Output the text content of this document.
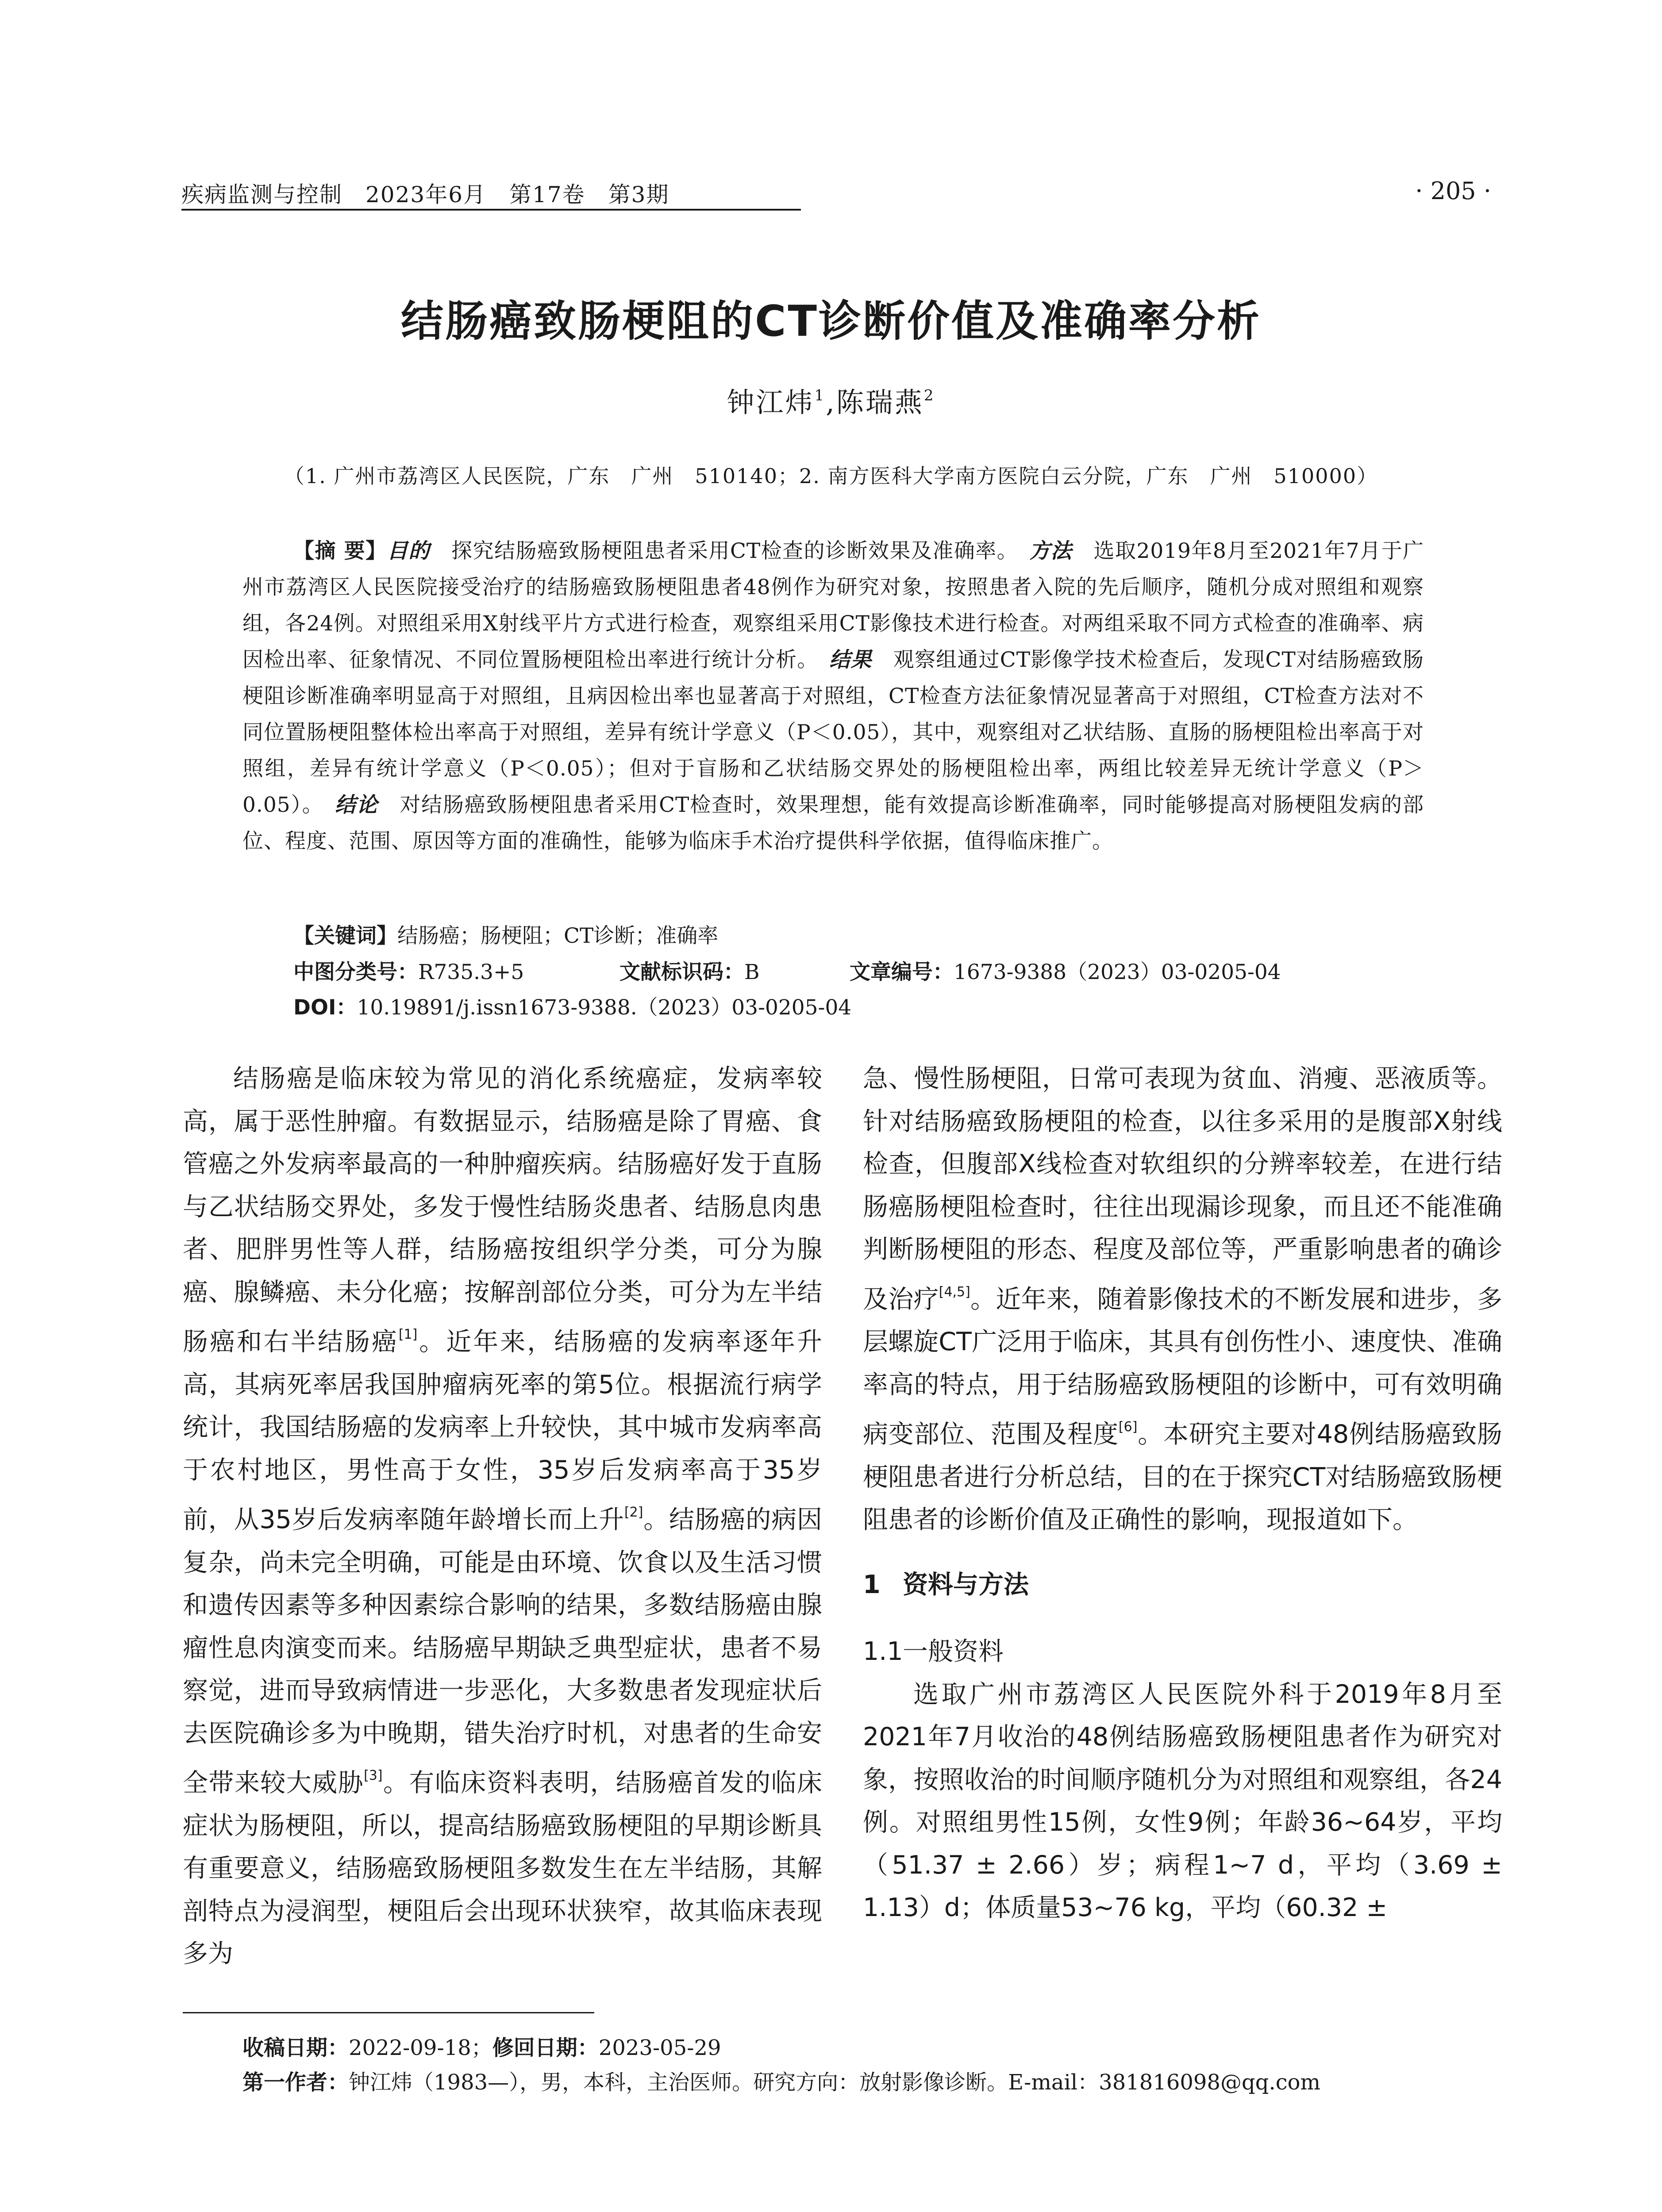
疾病监测与控制　2023年6月　第17卷　第3期	· 205 ·
结肠癌致肠梗阻的CT诊断价值及准确率分析
钟江炜$^1$,陈瑞燕$^2$
（1. 广州市荔湾区人民医院，广东　广州　510140；2. 南方医科大学南方医院白云分院，广东　广州　510000）

【摘 要】目的　 探究结肠癌致肠梗阻患者采用CT检查的诊断效果及准确率。　 方法　 选取2019年8月至2021年7月于广州市荔湾区人民医院接受治疗的结肠癌致肠梗阻患者48例作为研究对象，按照患者入院的先后顺序，随机分成对照组和观察组，各24例。对照组采用X射线平片方式进行检查，观察组采用CT影像技术进行检查。对两组采取不同方式检查的准确率、病因检出率、征象情况、不同位置肠梗阻检出率进行统计分析。　 结果　 观察组通过CT影像学技术检查后，发现CT对结肠癌致肠梗阻诊断准确率明显高于对照组，且病因检出率也显著高于对照组，CT检查方法征象情况显著高于对照组，CT检查方法对不同位置肠梗阻整体检出率高于对照组，差异有统计学意义（P＜0.05），其中，观察组对乙状结肠、直肠的肠梗阻检出率高于对照组，差异有统计学意义（P＜0.05）；但对于盲肠和乙状结肠交界处的肠梗阻检出率，两组比较差异无统计学意义（P＞0.05）。　 结论　 对结肠癌致肠梗阻患者采用CT检查时，效果理想，能有效提高诊断准确率，同时能够提高对肠梗阻发病的部位、程度、范围、原因等方面的准确性，能够为临床手术治疗提供科学依据，值得临床推广。

【关键词】结肠癌；肠梗阻；CT诊断；准确率
中图分类号：R735.3+5	文献标识码：B	文章编号：1673-9388（2023）03-0205-04
DOI：10.19891/j.issn1673-9388.（2023）03-0205-04

结肠癌是临床较为常见的消化系统癌症，发病率较高，属于恶性肿瘤。有数据显示，结肠癌是除了胃癌、食管癌之外发病率最高的一种肿瘤疾病。结肠癌好发于直肠与乙状结肠交界处，多发于慢性结肠炎患者、结肠息肉患者、肥胖男性等人群，结肠癌按组织学分类，可分为腺癌、腺鳞癌、未分化癌；按解剖部位分类，可分为左半结肠癌和右半结肠癌[1]。近年来，结肠癌的发病率逐年升高，其病死率居我国肿瘤病死率的第5位。根据流行病学统计，我国结肠癌的发病率上升较快，其中城市发病率高于农村地区，男性高于女性，35岁后发病率高于35岁前，从35岁后发病率随年龄增长而上升[2]。结肠癌的病因复杂，尚未完全明确，可能是由环境、饮食以及生活习惯和遗传因素等多种因素综合影响的结果，多数结肠癌由腺瘤性息肉演变而来。结肠癌早期缺乏典型症状，患者不易察觉，进而导致病情进一步恶化，大多数患者发现症状后去医院确诊多为中晚期，错失治疗时机，对患者的生命安全带来较大威胁[3]。有临床资料表明，结肠癌首发的临床症状为肠梗阻，所以，提高结肠癌致肠梗阻的早期诊断具有重要意义，结肠癌致肠梗阻多数发生在左半结肠，其解剖特点为浸润型，梗阻后会出现环状狭窄，故其临床表现多为

急、慢性肠梗阻，日常可表现为贫血、消瘦、恶液质等。针对结肠癌致肠梗阻的检查，以往多采用的是腹部X射线检查，但腹部X线检查对软组织的分辨率较差，在进行结肠癌肠梗阻检查时，往往出现漏诊现象，而且还不能准确判断肠梗阻的形态、程度及部位等，严重影响患者的确诊及治疗[4,5]。近年来，随着影像技术的不断发展和进步，多层螺旋CT广泛用于临床，其具有创伤性小、速度快、准确率高的特点，用于结肠癌致肠梗阻的诊断中，可有效明确病变部位、范围及程度[6]。本研究主要对48例结肠癌致肠梗阻患者进行分析总结，目的在于探究CT对结肠癌致肠梗阻患者的诊断价值及正确性的影响，现报道如下。

1 资料与方法

1.1一般资料

选取广州市荔湾区人民医院外科于2019年8月至2021年7月收治的48例结肠癌致肠梗阻患者作为研究对象，按照收治的时间顺序随机分为对照组和观察组，各24例。对照组男性15例，女性9例；年龄36~64岁，平均（51.37 ± 2.66）岁；病程1~7 d，平均（3.69 ± 1.13）d；体质量53~76 kg，平均（60.32 ±

收稿日期：2022-09-18；修回日期：2023-05-29
第一作者：钟江炜（1983—），男，本科，主治医师。研究方向：放射影像诊断。E-mail：381816098@qq.com
